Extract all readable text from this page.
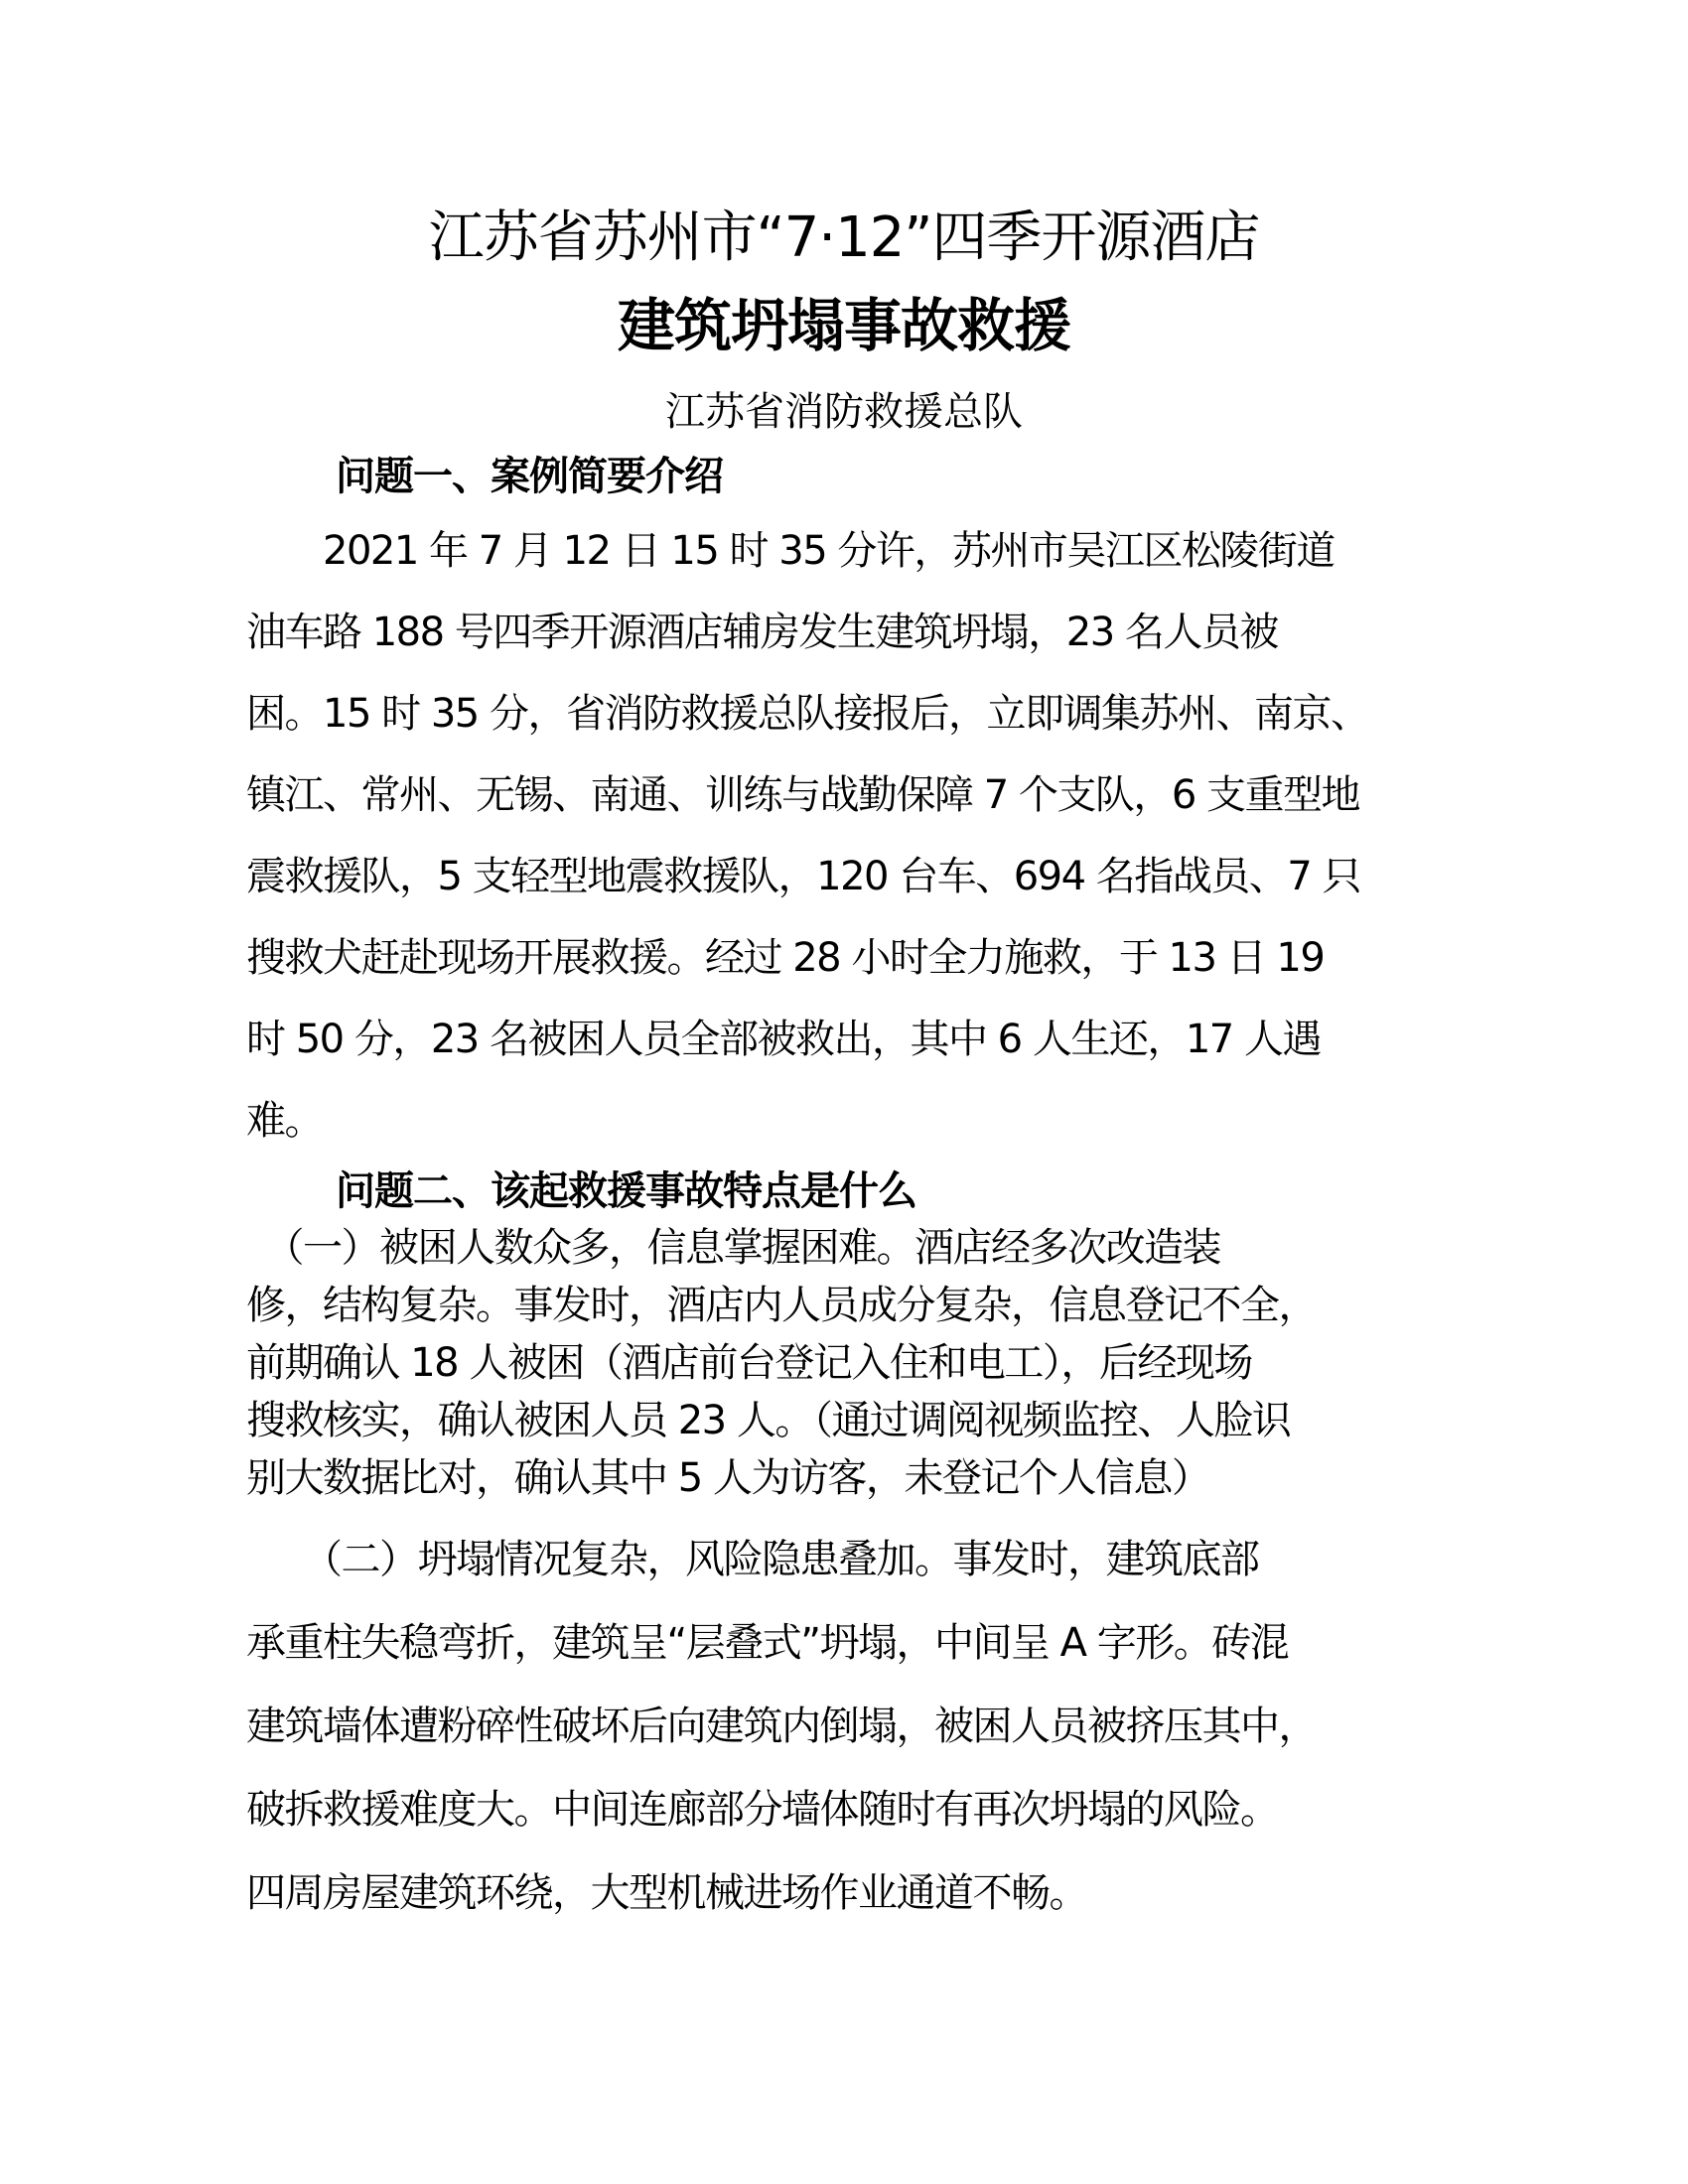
江苏省苏州市“7·12”四季开源酒店
建筑坍塌事故救援
江苏省消防救援总队
问题一、案例简要介绍
　　2021 年 7 月 12 日 15 时 35 分许，苏州市吴江区松陵街道
油车路 188 号四季开源酒店辅房发生建筑坍塌，23 名人员被
困。15 时 35 分，省消防救援总队接报后，立即调集苏州、南京、
镇江、常州、无锡、南通、训练与战勤保障 7 个支队，6 支重型地
震救援队，5 支轻型地震救援队，120 台车、694 名指战员、7 只
搜救犬赶赴现场开展救援。经过 28 小时全力施救，于 13 日 19
时 50 分，23 名被困人员全部被救出，其中 6 人生还，17 人遇
难。
问题二、该起救援事故特点是什么
　（一）被困人数众多，信息掌握困难。酒店经多次改造装
修，结构复杂。事发时，酒店内人员成分复杂，信息登记不全，
前期确认 18 人被困（酒店前台登记入住和电工），后经现场
搜救核实，确认被困人员 23 人。（通过调阅视频监控、人脸识
别大数据比对，确认其中 5 人为访客，未登记个人信息）
　　（二）坍塌情况复杂，风险隐患叠加。事发时，建筑底部
承重柱失稳弯折，建筑呈“层叠式”坍塌，中间呈 A 字形。砖混
建筑墙体遭粉碎性破坏后向建筑内倒塌，被困人员被挤压其中，
破拆救援难度大。中间连廊部分墙体随时有再次坍塌的风险。
四周房屋建筑环绕，大型机械进场作业通道不畅。
